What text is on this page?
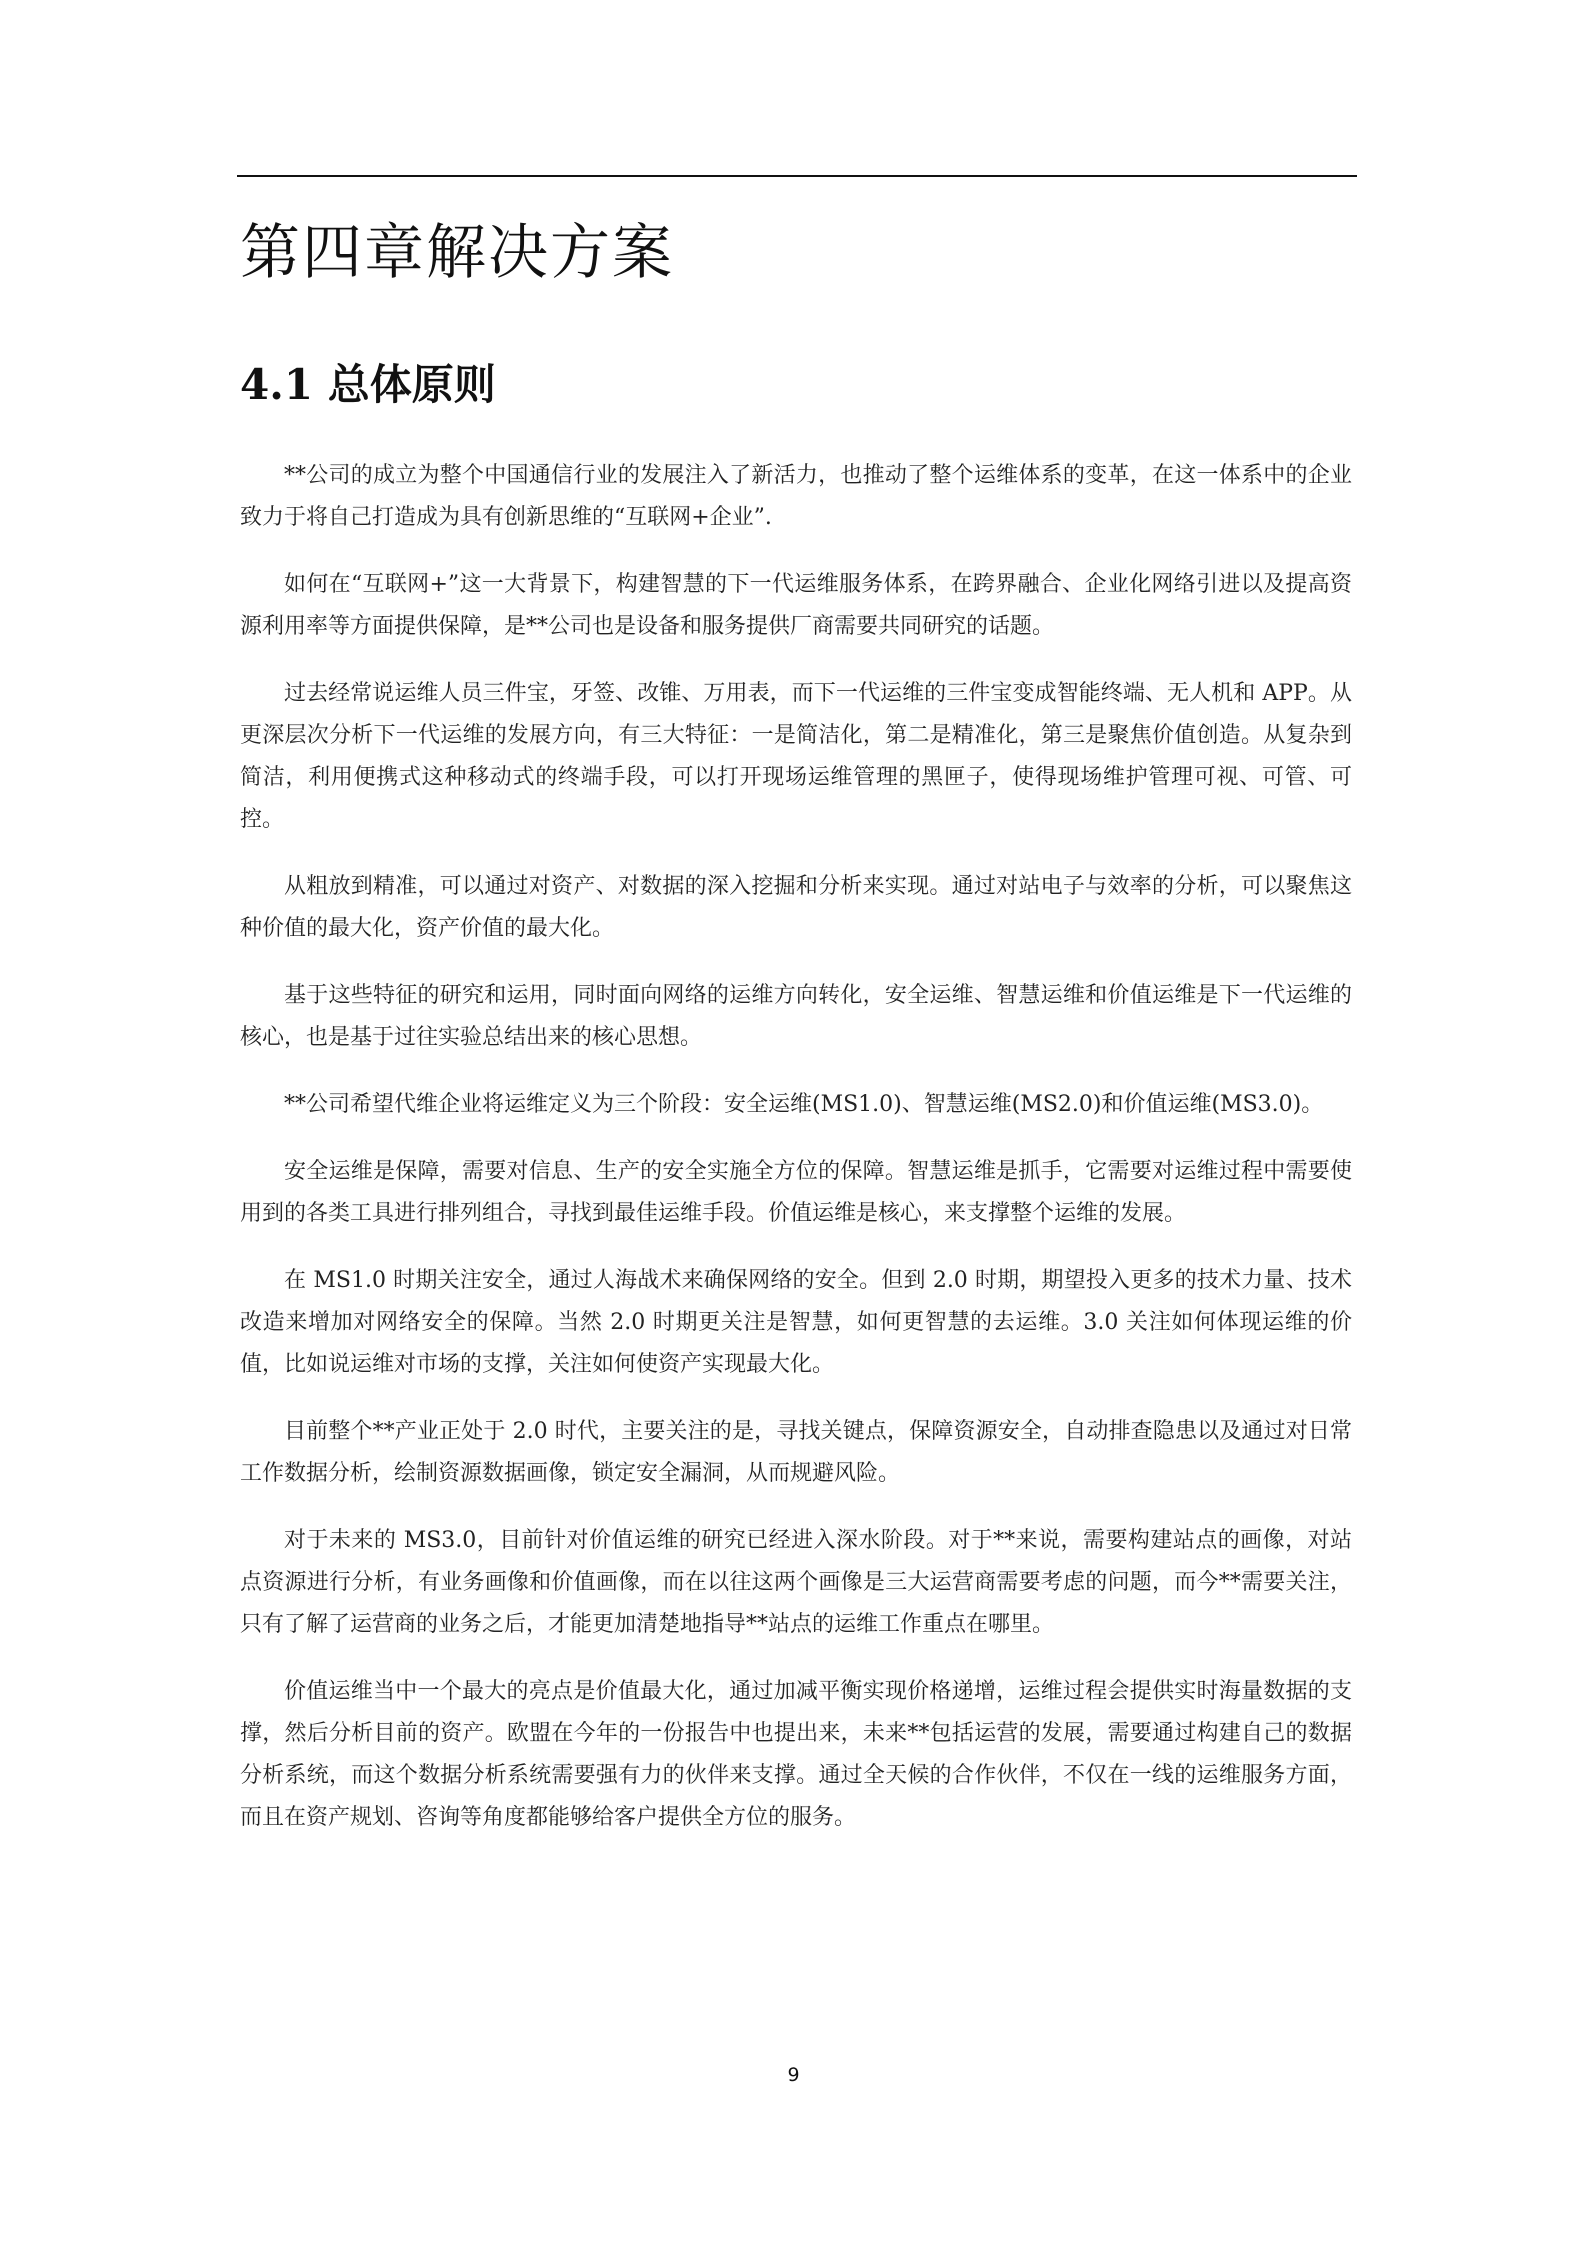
第四章解决方案
4.1 总体原则

**公司的成立为整个中国通信行业的发展注入了新活力，也推动了整个运维体系的变革，在这一体系中的企业致力于将自己打造成为具有创新思维的“互联网+企业”.

如何在“互联网+”这一大背景下，构建智慧的下一代运维服务体系，在跨界融合、企业化网络引进以及提高资源利用率等方面提供保障，是**公司也是设备和服务提供厂商需要共同研究的话题。

过去经常说运维人员三件宝，牙签、改锥、万用表，而下一代运维的三件宝变成智能终端、无人机和 APP。从更深层次分析下一代运维的发展方向，有三大特征：一是简洁化，第二是精准化，第三是聚焦价值创造。从复杂到简洁，利用便携式这种移动式的终端手段，可以打开现场运维管理的黑匣子，使得现场维护管理可视、可管、可控。

从粗放到精准，可以通过对资产、对数据的深入挖掘和分析来实现。通过对站电子与效率的分析，可以聚焦这种价值的最大化，资产价值的最大化。

基于这些特征的研究和运用，同时面向网络的运维方向转化，安全运维、智慧运维和价值运维是下一代运维的核心，也是基于过往实验总结出来的核心思想。

**公司希望代维企业将运维定义为三个阶段：安全运维(MS1.0)、智慧运维(MS2.0)和价值运维(MS3.0)。

安全运维是保障，需要对信息、生产的安全实施全方位的保障。智慧运维是抓手，它需要对运维过程中需要使用到的各类工具进行排列组合，寻找到最佳运维手段。价值运维是核心，来支撑整个运维的发展。

在 MS1.0 时期关注安全，通过人海战术来确保网络的安全。但到 2.0 时期，期望投入更多的技术力量、技术改造来增加对网络安全的保障。当然 2.0 时期更关注是智慧，如何更智慧的去运维。3.0 关注如何体现运维的价值，比如说运维对市场的支撑，关注如何使资产实现最大化。

目前整个**产业正处于 2.0 时代，主要关注的是，寻找关键点，保障资源安全，自动排查隐患以及通过对日常工作数据分析，绘制资源数据画像，锁定安全漏洞，从而规避风险。

对于未来的 MS3.0，目前针对价值运维的研究已经进入深水阶段。对于**来说，需要构建站点的画像，对站点资源进行分析，有业务画像和价值画像，而在以往这两个画像是三大运营商需要考虑的问题，而今**需要关注，只有了解了运营商的业务之后，才能更加清楚地指导**站点的运维工作重点在哪里。

价值运维当中一个最大的亮点是价值最大化，通过加减平衡实现价格递增，运维过程会提供实时海量数据的支撑，然后分析目前的资产。欧盟在今年的一份报告中也提出来，未来**包括运营的发展，需要通过构建自己的数据分析系统，而这个数据分析系统需要强有力的伙伴来支撑。通过全天候的合作伙伴，不仅在一线的运维服务方面，而且在资产规划、咨询等角度都能够给客户提供全方位的服务。

9
